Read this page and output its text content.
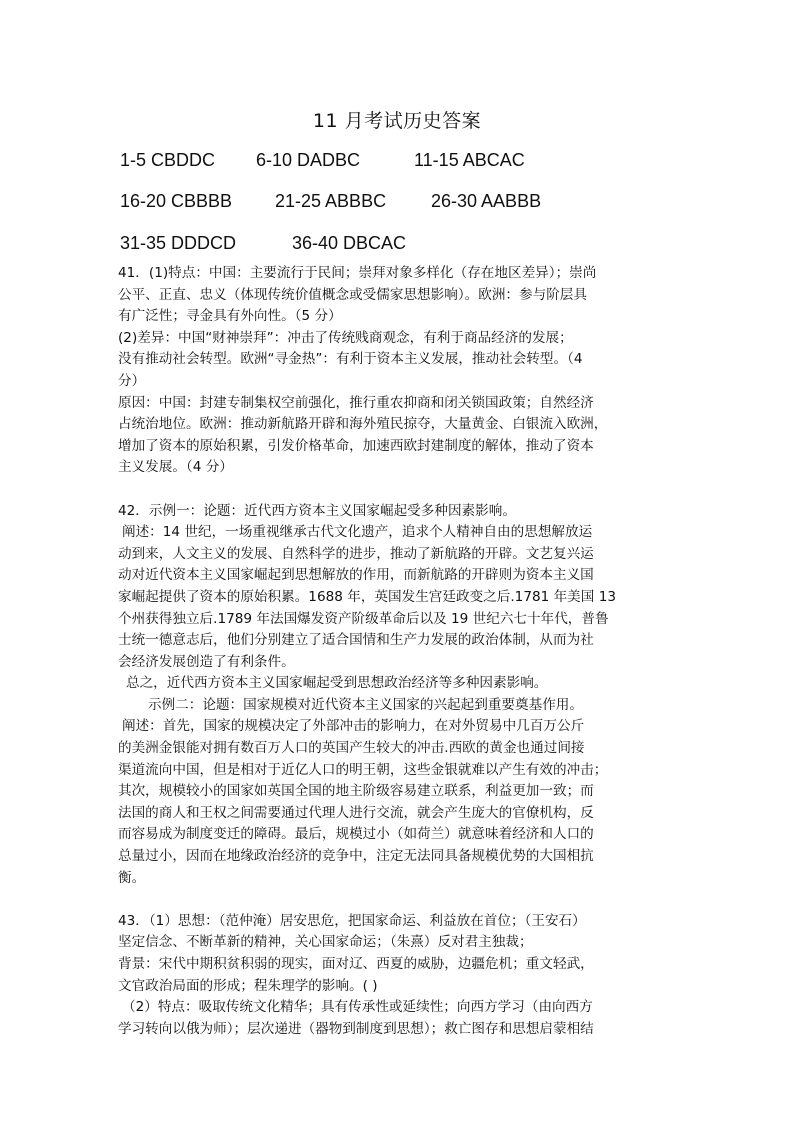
11 月考试历史答案
1-5 CBDDC 6-10 DADBC	11-15 ABCAC
16-20 CBBBB 21-25 ABBBC 26-30 AABBB
31-35 DDDCD	36-40 DBCAC

41．(1)特点：中国：主要流行于民间；崇拜对象多样化（存在地区差异）；崇尚

公平、正直、忠义（体现传统价值概念或受儒家思想影响）。欧洲：参与阶层具

有广泛性；寻金具有外向性。（5 分）

(2)差异：中国“财神崇拜”：冲击了传统贱商观念，有利于商品经济的发展；

没有推动社会转型。欧洲“寻金热”：有利于资本主义发展，推动社会转型。（4

分）

原因：中国：封建专制集权空前强化，推行重农抑商和闭关锁国政策；自然经济

占统治地位。欧洲：推动新航路开辟和海外殖民掠夺，大量黄金、白银流入欧洲，

增加了资本的原始积累，引发价格革命，加速西欧封建制度的解体，推动了资本

主义发展。（4 分）

42．示例一：论题：近代西方资本主义国家崛起受多种因素影响。

阐述：14 世纪，一场重视继承古代文化遗产，追求个人精神自由的思想解放运

动到来，人文主义的发展、自然科学的进步，推动了新航路的开辟。文艺复兴运

动对近代资本主义国家崛起到思想解放的作用，而新航路的开辟则为资本主义国

家崛起提供了资本的原始积累。1688 年，英国发生宫廷政变之后.1781 年美国 13

个州获得独立后.1789 年法国爆发资产阶级革命后以及 19 世纪六七十年代，普鲁

士统一德意志后，他们分别建立了适合国情和生产力发展的政治体制，从而为社

会经济发展创造了有利条件。

总之，近代西方资本主义国家崛起受到思想政治经济等多种因素影响。

示例二：论题：国家规模对近代资本主义国家的兴起起到重要奠基作用。

阐述：首先，国家的规模决定了外部冲击的影响力，在对外贸易中几百万公斤

的美洲金银能对拥有数百万人口的英国产生较大的冲击.西欧的黄金也通过间接

渠道流向中国，但是相对于近亿人口的明王朝，这些金银就难以产生有效的冲击；

其次，规模较小的国家如英国全国的地主阶级容易建立联系，利益更加一致；而

法国的商人和王权之间需要通过代理人进行交流，就会产生庞大的官僚机构，反

而容易成为制度变迁的障碍。最后，规模过小（如荷兰）就意味着经济和人口的

总量过小，因而在地缘政治经济的竞争中，注定无法同具备规模优势的大国相抗

衡。

43．（1）思想：（范仲淹）居安思危，把国家命运、利益放在首位；（王安石）

坚定信念、不断革新的精神，关心国家命运；（朱熹）反对君主独裁；

背景：宋代中期积贫积弱的现实，面对辽、西夏的威胁，边疆危机；重文轻武，

文官政治局面的形成；程朱理学的影响。( )

（2）特点：吸取传统文化精华；具有传承性或延续性；向西方学习（由向西方

学习转向以俄为师）；层次递进（器物到制度到思想）；救亡图存和思想启蒙相结
